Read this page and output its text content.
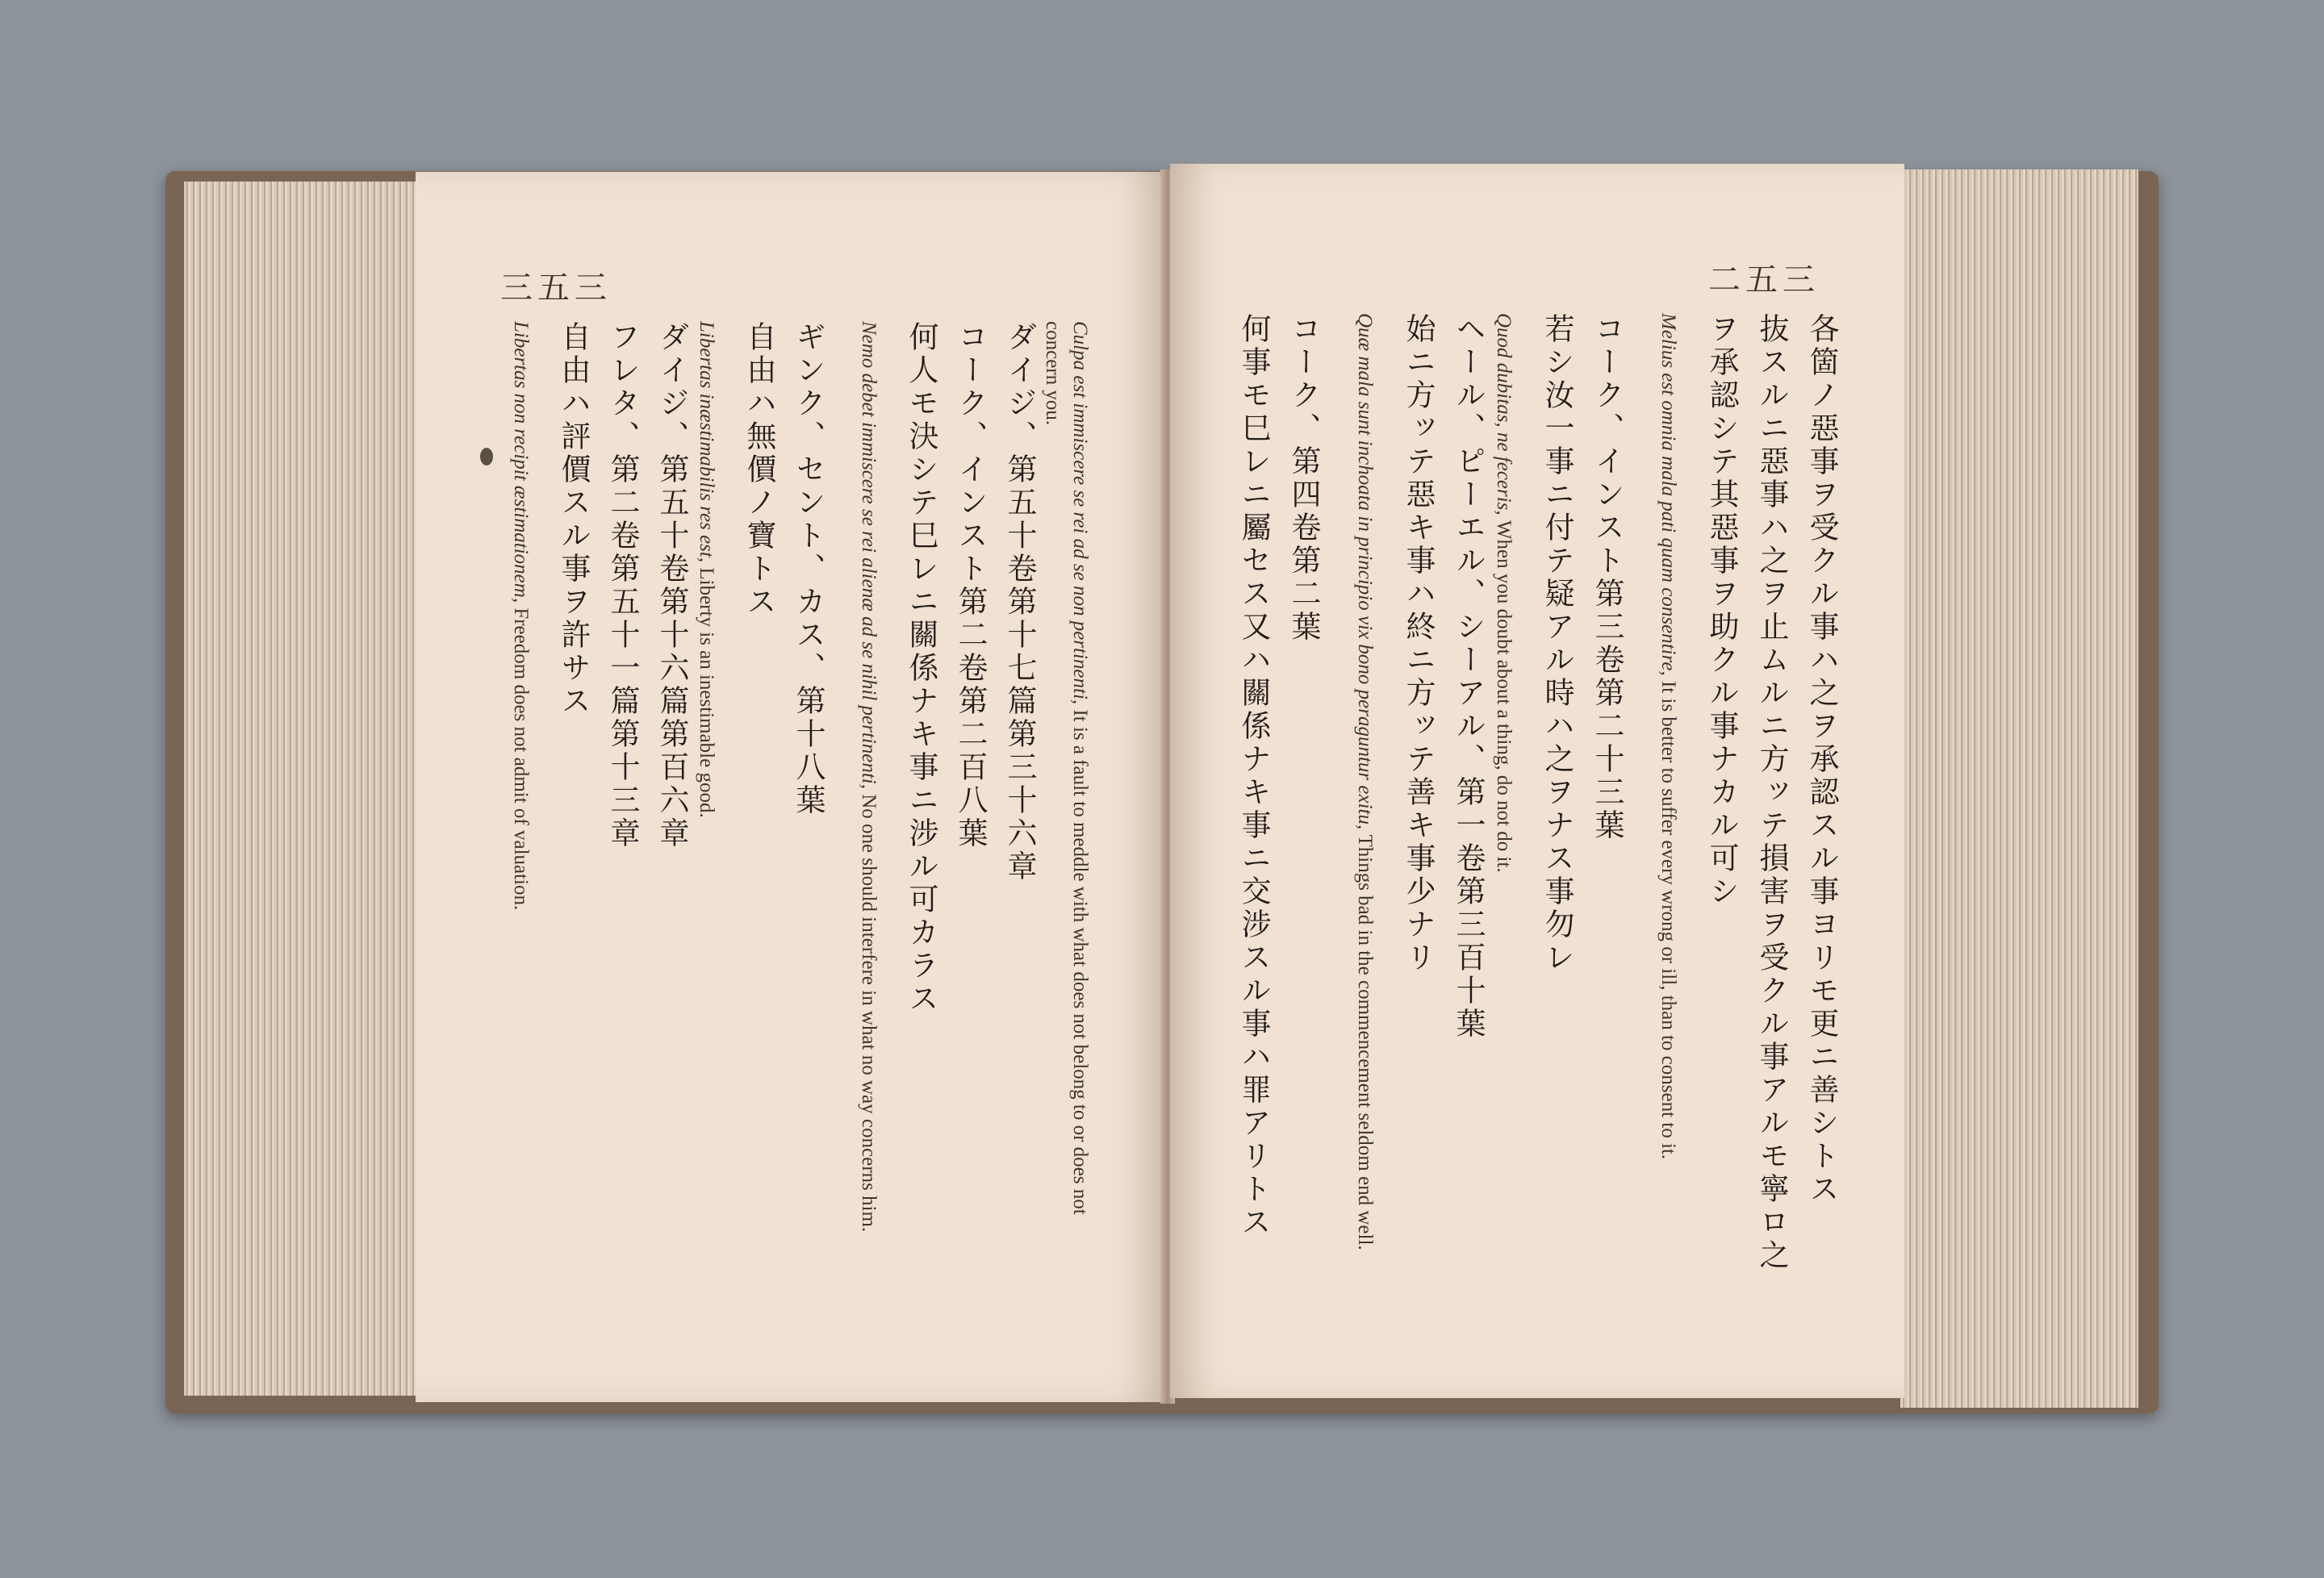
三五三
Culpa est immiscere se rei ad se non pertinenti, It is a fault to meddle with what does not belong to or does not concern you.
ダイジ、第五十卷第十七篇第三十六章
コーク、インスト第二卷第二百八葉
何人モ決シテ巳レニ關係ナキ事ニ涉ル可カラス
Nemo debet immiscere se rei alienæ ad se nihil pertinenti, No one should interfere in what no way concerns him.
ギンク、セント、カス、第十八葉
自由ハ無價ノ寶トス
Libertas inæstimabilis res est, Liberty is an inestimable good.
ダイジ、第五十卷第十六篇第百六章
フレタ、第二卷第五十一篇第十三章
自由ハ評價スル事ヲ許サス
Libertas non recipit æstimationem, Freedom does not admit of valuation.
二五三
各箇ノ惡事ヲ受クル事ハ之ヲ承認スル事ヨリモ更ニ善シトス
抜スルニ惡事ハ之ヲ止ムルニ方ッテ損害ヲ受クル事アルモ寧ロ之
ヲ承認シテ其惡事ヲ助クル事ナカル可シ
Melius est omnia mala pati quam consentire, It is better to suffer every wrong or ill, than to consent to it.
コーク、インスト第三卷第二十三葉
若シ汝一事ニ付テ疑アル時ハ之ヲナス事勿レ
Quod dubitas, ne feceris, When you doubt about a thing, do not do it.
ヘール、ピーエル、シーアル、第一卷第三百十葉
始ニ方ッテ惡キ事ハ終ニ方ッテ善キ事少ナリ
Quæ mala sunt inchoata in principio vix bono peraguntur exitu, Things bad in the commencement seldom end well.
コーク、第四卷第二葉
何事モ巳レニ屬セス又ハ關係ナキ事ニ交涉スル事ハ罪アリトス
